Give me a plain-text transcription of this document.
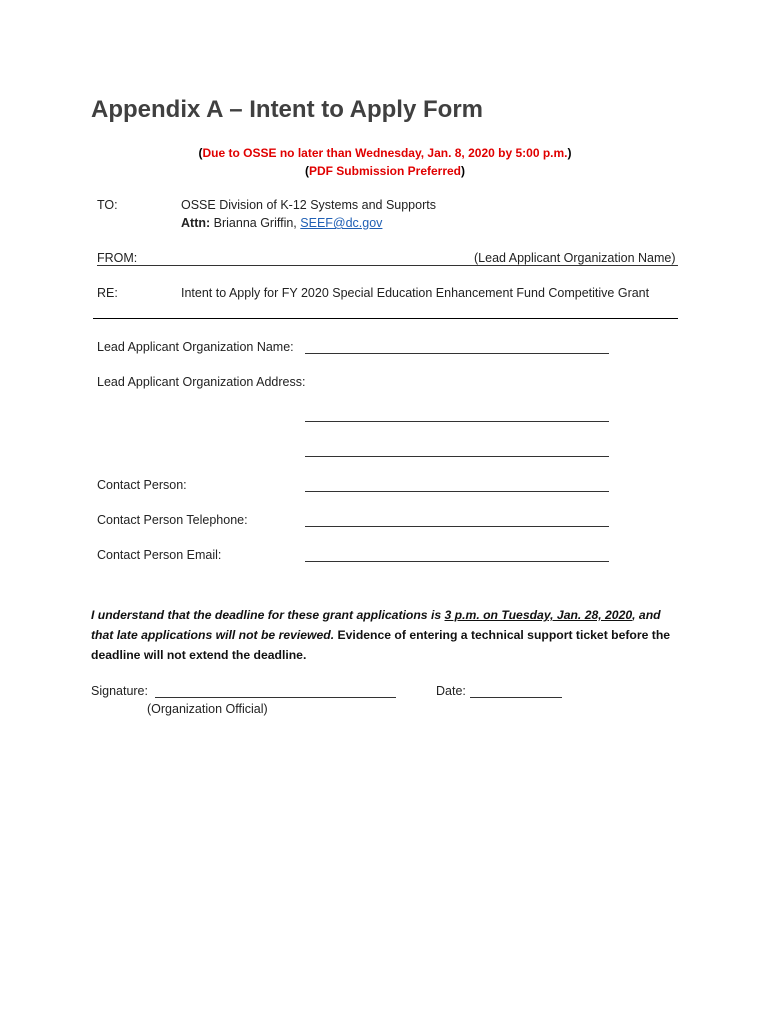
Appendix A – Intent to Apply Form
(Due to OSSE no later than Wednesday, Jan. 8, 2020 by 5:00 p.m.)
(PDF Submission Preferred)
TO:	OSSE Division of K-12 Systems and Supports
Attn: Brianna Griffin, SEEF@dc.gov
FROM:	(Lead Applicant Organization Name)
RE:	Intent to Apply for FY 2020 Special Education Enhancement Fund Competitive Grant
Lead Applicant Organization Name:
Lead Applicant Organization Address:
Contact Person:
Contact Person Telephone:
Contact Person Email:
I understand that the deadline for these grant applications is 3 p.m. on Tuesday, Jan. 28, 2020, and that late applications will not be reviewed. Evidence of entering a technical support ticket before the deadline will not extend the deadline.
Signature:	Date:
(Organization Official)
